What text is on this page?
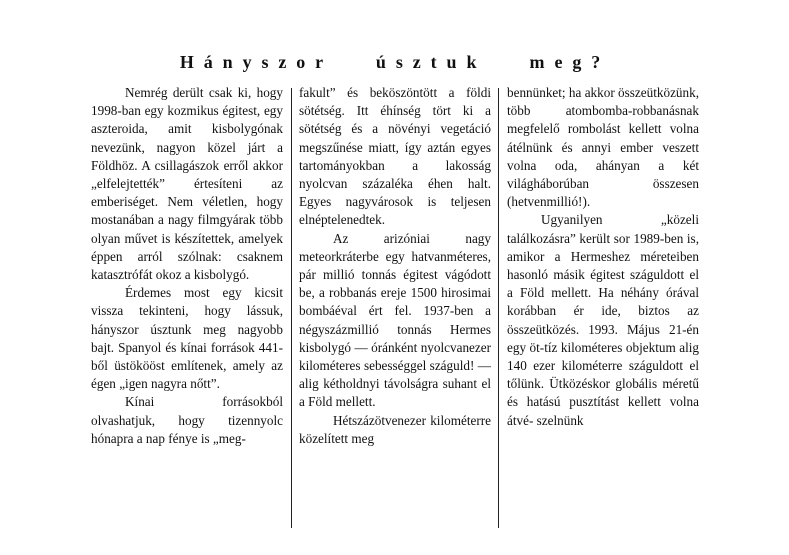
Hányszor úsztuk meg?

Nemrég derült csak ki, hogy 1998-ban egy kozmikus égitest, egy aszteroida, amit kisbolygónak nevezünk, nagyon közel járt a Földhöz. A csillagászok erről akkor „elfelejtették” értesíteni az emberiséget. Nem véletlen, hogy mostanában a nagy filmgyárak több olyan művet is készítettek, amelyek éppen arról szólnak: csaknem katasztrófát okoz a kisbolygó.

Érdemes most egy kicsit vissza tekinteni, hogy lássuk, hányszor úsztunk meg nagyobb bajt. Spanyol és kínai források 441-ből üstökööst említenek, amely az égen „igen nagyra nőtt”.

Kínai forrásokból olvashatjuk, hogy tizennyolc hónapra a nap fénye is „meg-

fakult” és beköszöntött a földi sötétség. Itt éhínség tört ki a sötétség és a növényi vegetáció megszűnése miatt, így aztán egyes tartományokban a lakosság nyolcvan százaléka éhen halt. Egyes nagyvárosok is teljesen elnéptelenedtek.

Az arizóniai nagy meteorkráterbe egy hatvanméteres, pár millió tonnás égitest vágódott be, a robbanás ereje 1500 hirosimai bombáéval ért fel. 1937-ben a négyszázmillió tonnás Hermes kisbolygó — óránként nyolcvanezer kilométeres sebességgel száguld! — alig kétholdnyi távolságra suhant el a Föld mellett.

Hétszázötvenezer kilométerre közelített meg

bennünket; ha akkor összeütközünk, több atombomba-robbanásnak megfelelő rombolást kellett volna átélnünk és annyi ember veszett volna oda, ahányan a két világháborúban összesen (hetvenmillió!).

Ugyanilyen „közeli találkozásra” került sor 1989-ben is, amikor a Hermeshez méreteiben hasonló másik égitest száguldott el a Föld mellett. Ha néhány órával korábban ér ide, biztos az összeütközés. 1993. Május 21-én egy öt-tíz kilométeres objektum alig 140 ezer kilométerre száguldott el tőlünk. Ütközéskor globális méretű és hatású pusztítást kellett volna átvé- szelnünk
